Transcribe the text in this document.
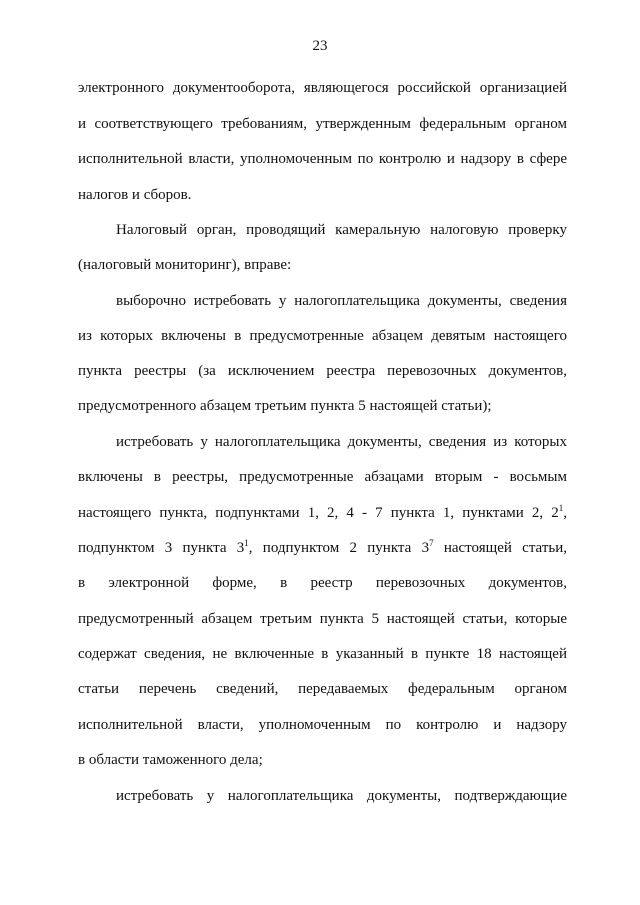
23
электронного документооборота, являющегося российской организацией
и соответствующего требованиям, утвержденным федеральным органом
исполнительной власти, уполномоченным по контролю и надзору в сфере
налогов и сборов.
Налоговый орган, проводящий камеральную налоговую проверку
(налоговый мониторинг), вправе:
выборочно истребовать у налогоплательщика документы, сведения
из которых включены в предусмотренные абзацем девятым настоящего
пункта реестры (за исключением реестра перевозочных документов,
предусмотренного абзацем третьим пункта 5 настоящей статьи);
истребовать у налогоплательщика документы, сведения из которых
включены в реестры, предусмотренные абзацами вторым - восьмым
настоящего пункта, подпунктами 1, 2, 4 - 7 пункта 1, пунктами 2, $2^1$,
подпунктом 3 пункта $3^1$, подпунктом 2 пункта $3^7$ настоящей статьи,
в электронной форме, в реестр перевозочных документов,
предусмотренный абзацем третьим пункта 5 настоящей статьи, которые
содержат сведения, не включенные в указанный в пункте 18 настоящей
статьи перечень сведений, передаваемых федеральным органом
исполнительной власти, уполномоченным по контролю и надзору
в области таможенного дела;
истребовать у налогоплательщика документы, подтверждающие
